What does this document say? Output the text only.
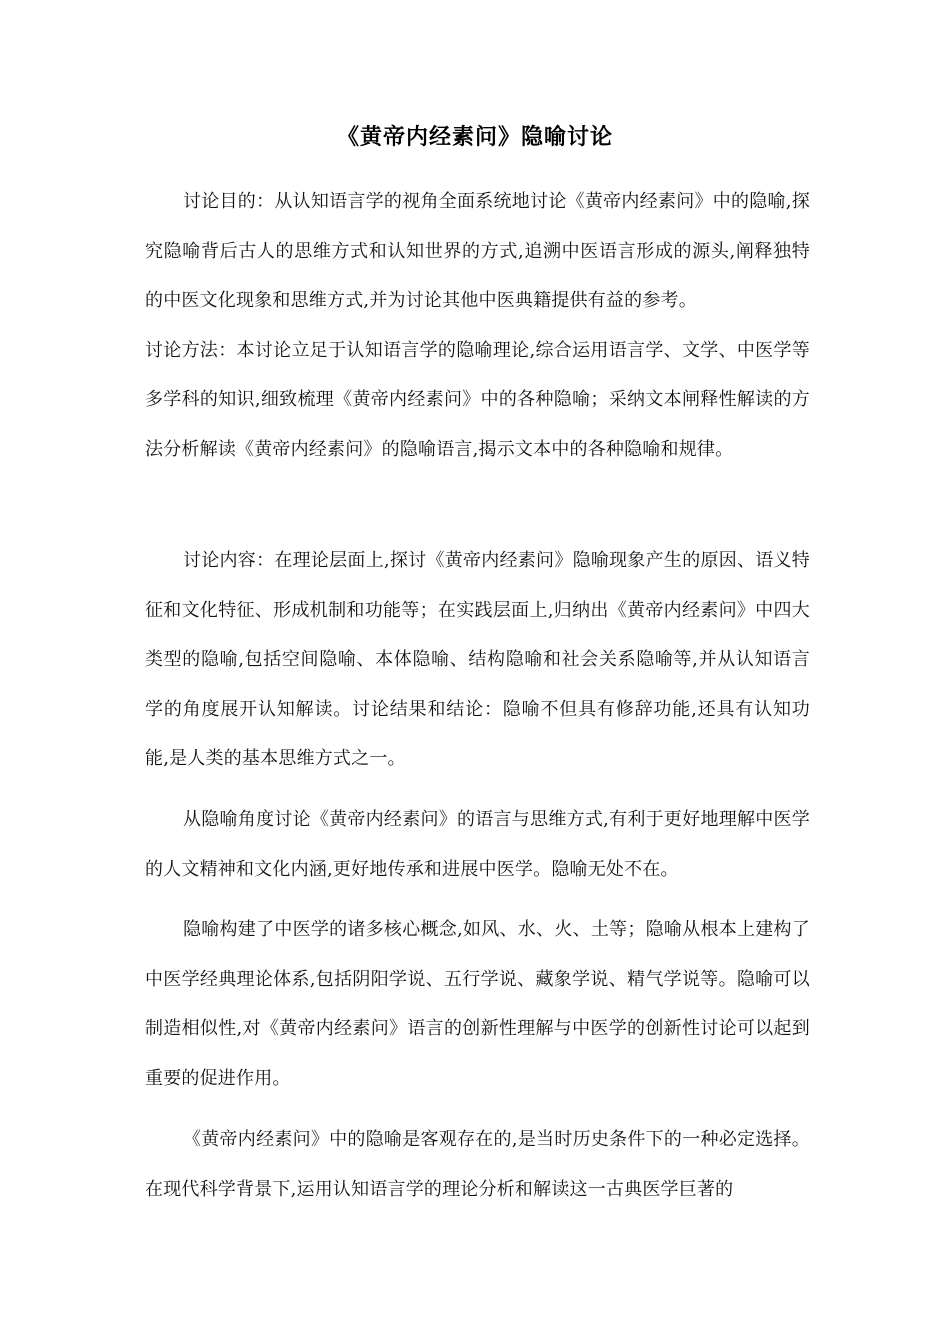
《黄帝内经素问》隐喻讨论

讨论目的：从认知语言学的视角全面系统地讨论《黄帝内经素问》中的隐喻,探究隐喻背后古人的思维方式和认知世界的方式,追溯中医语言形成的源头,阐释独特的中医文化现象和思维方式,并为讨论其他中医典籍提供有益的参考。

讨论方法：本讨论立足于认知语言学的隐喻理论,综合运用语言学、文学、中医学等多学科的知识,细致梳理《黄帝内经素问》中的各种隐喻；采纳文本闸释性解读的方法分析解读《黄帝内经素问》的隐喻语言,揭示文本中的各种隐喻和规律。

讨论内容：在理论层面上,探讨《黄帝内经素问》隐喻现象产生的原因、语义特征和文化特征、形成机制和功能等；在实践层面上,归纳出《黄帝内经素问》中四大类型的隐喻,包括空间隐喻、本体隐喻、结构隐喻和社会关系隐喻等,并从认知语言学的角度展开认知解读。讨论结果和结论：隐喻不但具有修辞功能,还具有认知功能,是人类的基本思维方式之一。

从隐喻角度讨论《黄帝内经素问》的语言与思维方式,有利于更好地理解中医学的人文精神和文化内涵,更好地传承和进展中医学。隐喻无处不在。

隐喻构建了中医学的诸多核心概念,如风、水、火、土等；隐喻从根本上建构了中医学经典理论体系,包括阴阳学说、五行学说、藏象学说、精气学说等。隐喻可以制造相似性,对《黄帝内经素问》语言的创新性理解与中医学的创新性讨论可以起到重要的促进作用。

《黄帝内经素问》中的隐喻是客观存在的,是当时历史条件下的一种必定选择。在现代科学背景下,运用认知语言学的理论分析和解读这一古典医学巨著的
